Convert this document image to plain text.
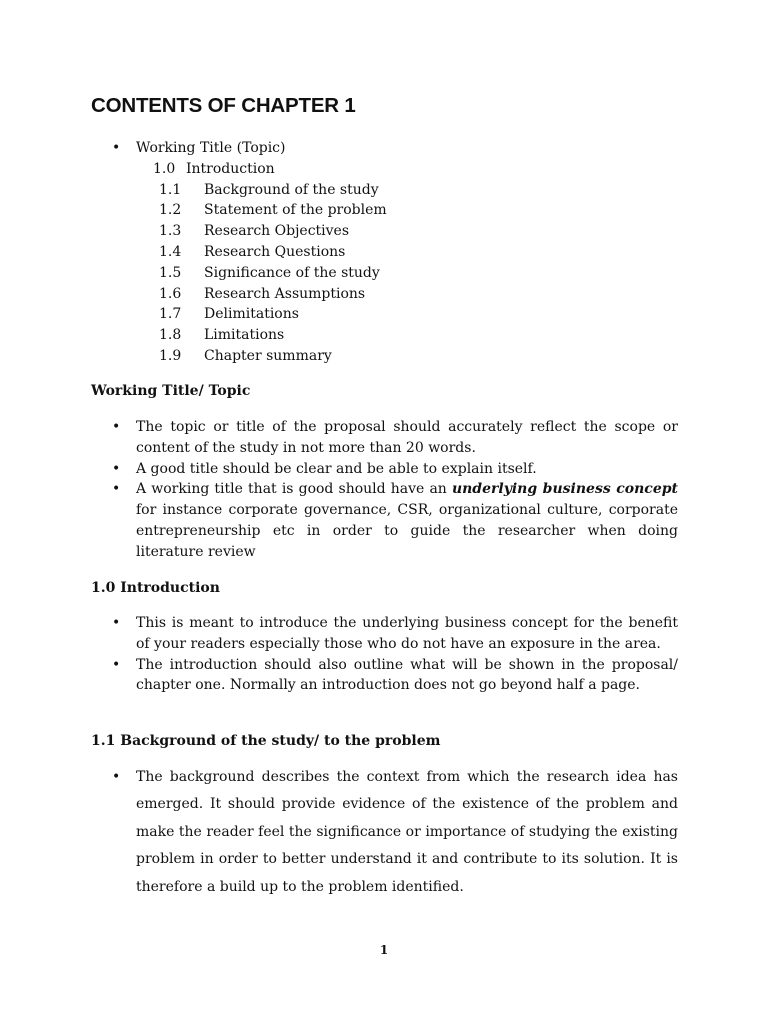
CONTENTS OF CHAPTER 1
• Working Title (Topic)
1.0 Introduction
1.1 Background of the study
1.2 Statement of the problem
1.3 Research Objectives
1.4 Research Questions
1.5 Significance of the study
1.6 Research Assumptions
1.7 Delimitations
1.8 Limitations
1.9 Chapter summary
Working Title/ Topic
• The topic or title of the proposal should accurately reflect the scope or content of the study in not more than 20 words.
• A good title should be clear and be able to explain itself.
• A working title that is good should have an underlying business concept for instance corporate governance, CSR, organizational culture, corporate entrepreneurship etc in order to guide the researcher when doing literature review
1.0 Introduction
• This is meant to introduce the underlying business concept for the benefit of your readers especially those who do not have an exposure in the area.
• The introduction should also outline what will be shown in the proposal/ chapter one. Normally an introduction does not go beyond half a page.
1.1 Background of the study/ to the problem
• The background describes the context from which the research idea has emerged. It should provide evidence of the existence of the problem and make the reader feel the significance or importance of studying the existing problem in order to better understand it and contribute to its solution. It is therefore a build up to the problem identified.
1
